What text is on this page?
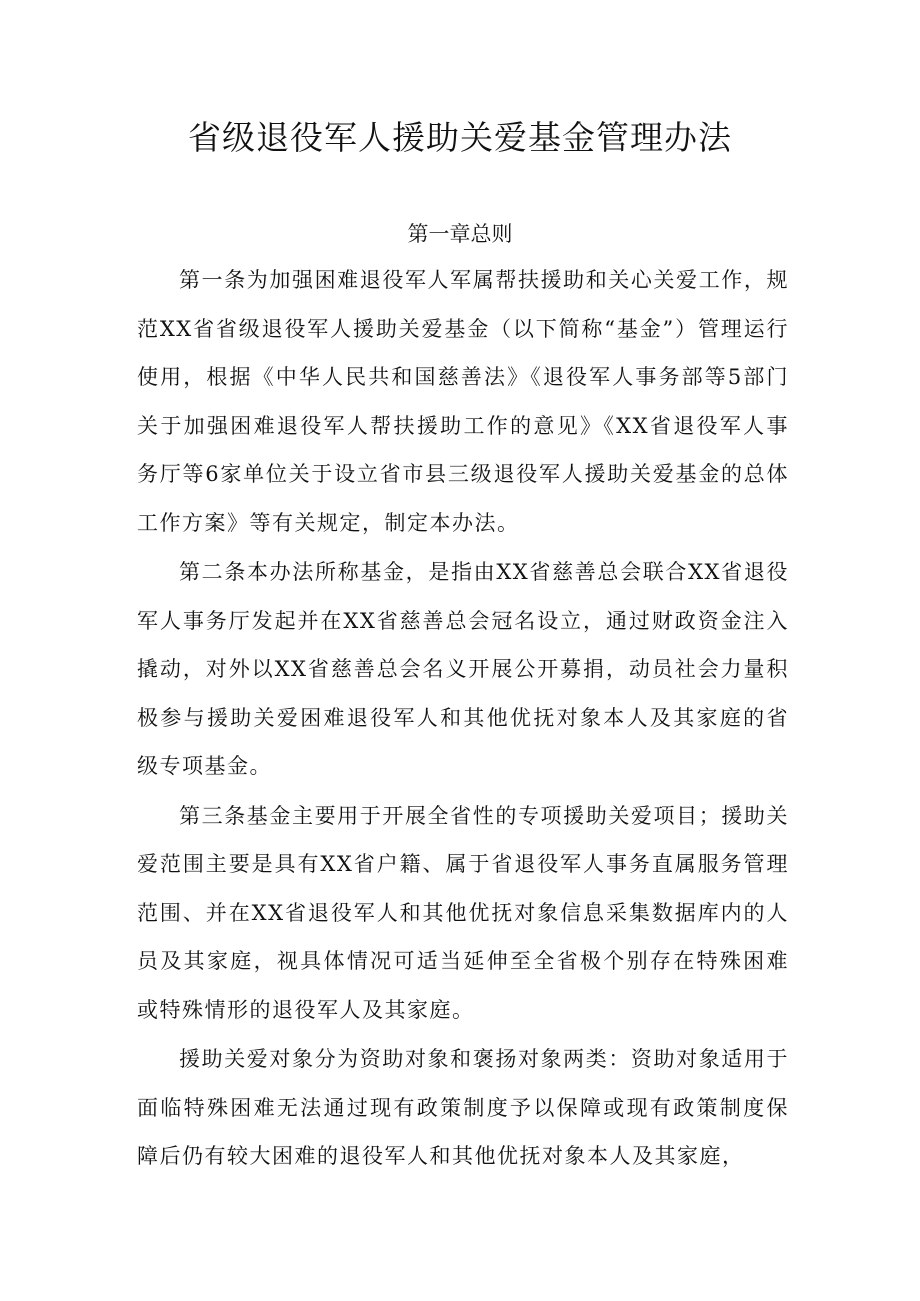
省级退役军人援助关爱基金管理办法
第一章总则

第一条为加强困难退役军人军属帮扶援助和关心关爱工作，规范XX省省级退役军人援助关爱基金（以下简称“基金”）管理运行使用，根据《中华人民共和国慈善法》《退役军人事务部等5部门关于加强困难退役军人帮扶援助工作的意见》《XX省退役军人事务厅等6家单位关于设立省市县三级退役军人援助关爱基金的总体工作方案》等有关规定，制定本办法。

第二条本办法所称基金，是指由XX省慈善总会联合XX省退役军人事务厅发起并在XX省慈善总会冠名设立，通过财政资金注入撬动，对外以XX省慈善总会名义开展公开募捐，动员社会力量积极参与援助关爱困难退役军人和其他优抚对象本人及其家庭的省级专项基金。

第三条基金主要用于开展全省性的专项援助关爱项目；援助关爱范围主要是具有XX省户籍、属于省退役军人事务直属服务管理范围、并在XX省退役军人和其他优抚对象信息采集数据库内的人员及其家庭，视具体情况可适当延伸至全省极个别存在特殊困难或特殊情形的退役军人及其家庭。

援助关爱对象分为资助对象和褒扬对象两类：资助对象适用于面临特殊困难无法通过现有政策制度予以保障或现有政策制度保障后仍有较大困难的退役军人和其他优抚对象本人及其家庭，
